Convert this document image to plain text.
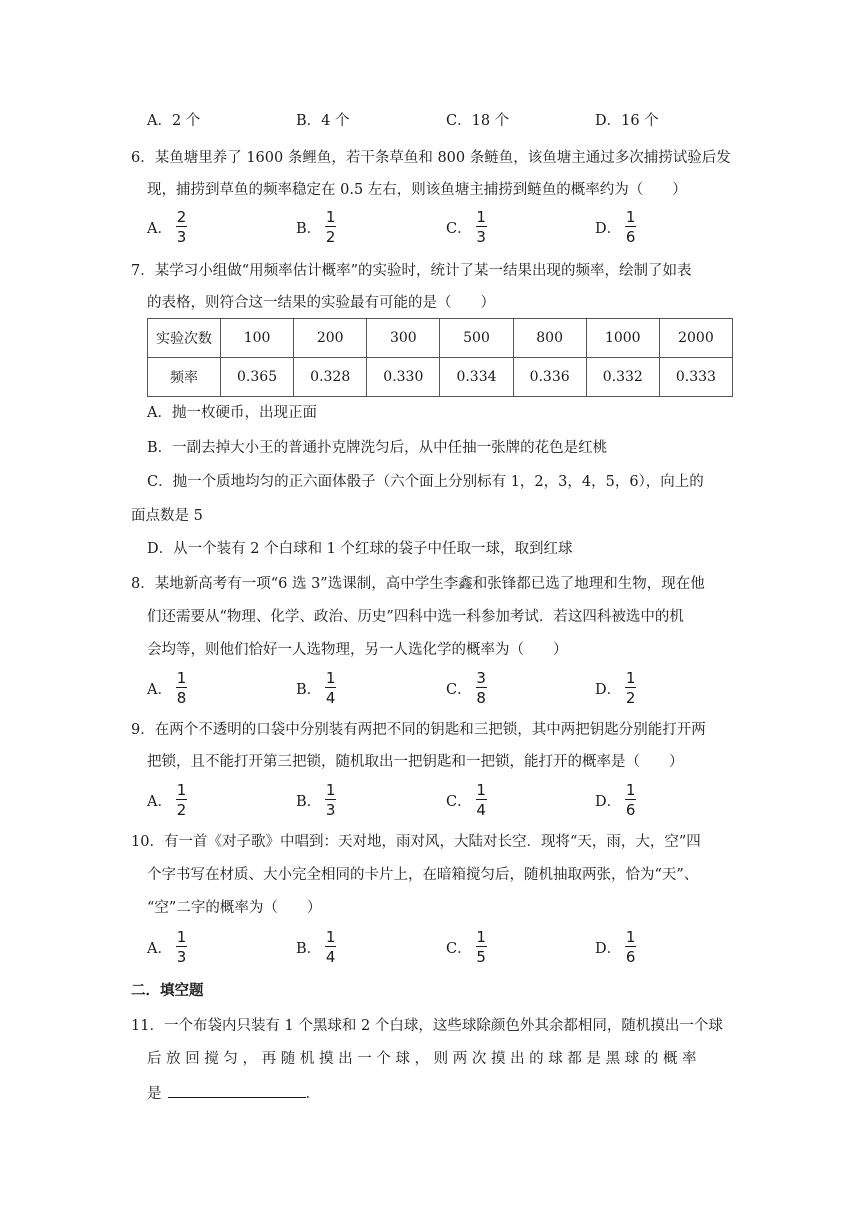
A．2 个	B．4 个	C．18 个	D．16 个
6．某鱼塘里养了 1600 条鲤鱼，若干条草鱼和 800 条鲢鱼，该鱼塘主通过多次捕捞试验后发
现，捕捞到草鱼的频率稳定在 0.5 左右，则该鱼塘主捕捞到鲢鱼的概率约为（　　）
A． $\frac{2}{3}$	B． $\frac{1}{2}$	C． $\frac{1}{3}$	D． $\frac{1}{6}$
7．某学习小组做“用频率估计概率”的实验时，统计了某一结果出现的频率，绘制了如表
的表格，则符合这一结果的实验最有可能的是（　　）
实验次数	100	200	300	500	800	1000	2000
频率	0.365	0.328	0.330	0.334	0.336	0.332	0.333
A．抛一枚硬币，出现正面
B．一副去掉大小王的普通扑克牌洗匀后，从中任抽一张牌的花色是红桃
C．抛一个质地均匀的正六面体骰子（六个面上分别标有 1，2，3，4，5，6），向上的
面点数是 5
D．从一个装有 2 个白球和 1 个红球的袋子中任取一球，取到红球
8．某地新高考有一项“6 选 3”选课制，高中学生李鑫和张锋都已选了地理和生物，现在他
们还需要从“物理、化学、政治、历史”四科中选一科参加考试．若这四科被选中的机
会均等，则他们恰好一人选物理，另一人选化学的概率为（　　）
A． $\frac{1}{8}$	B． $\frac{1}{4}$	C． $\frac{3}{8}$	D． $\frac{1}{2}$
9．在两个不透明的口袋中分别装有两把不同的钥匙和三把锁，其中两把钥匙分别能打开两
把锁，且不能打开第三把锁，随机取出一把钥匙和一把锁，能打开的概率是（　　）
A． $\frac{1}{2}$	B． $\frac{1}{3}$	C． $\frac{1}{4}$	D． $\frac{1}{6}$
10．有一首《对子歌》中唱到：天对地，雨对风，大陆对长空．现将“天，雨，大，空”四
个字书写在材质、大小完全相同的卡片上，在暗箱搅匀后，随机抽取两张，恰为“天”、
“空”二字的概率为（　　）
A． $\frac{1}{3}$	B． $\frac{1}{4}$	C． $\frac{1}{5}$	D． $\frac{1}{6}$
二．填空题
11．一个布袋内只装有 1 个黑球和 2 个白球，这些球除颜色外其余都相同，随机摸出一个球
后 放 回 搅 匀 ， 再 随 机 摸 出 一 个 球 ， 则 两 次 摸 出 的 球 都 是 黑 球 的 概 率
是	．
